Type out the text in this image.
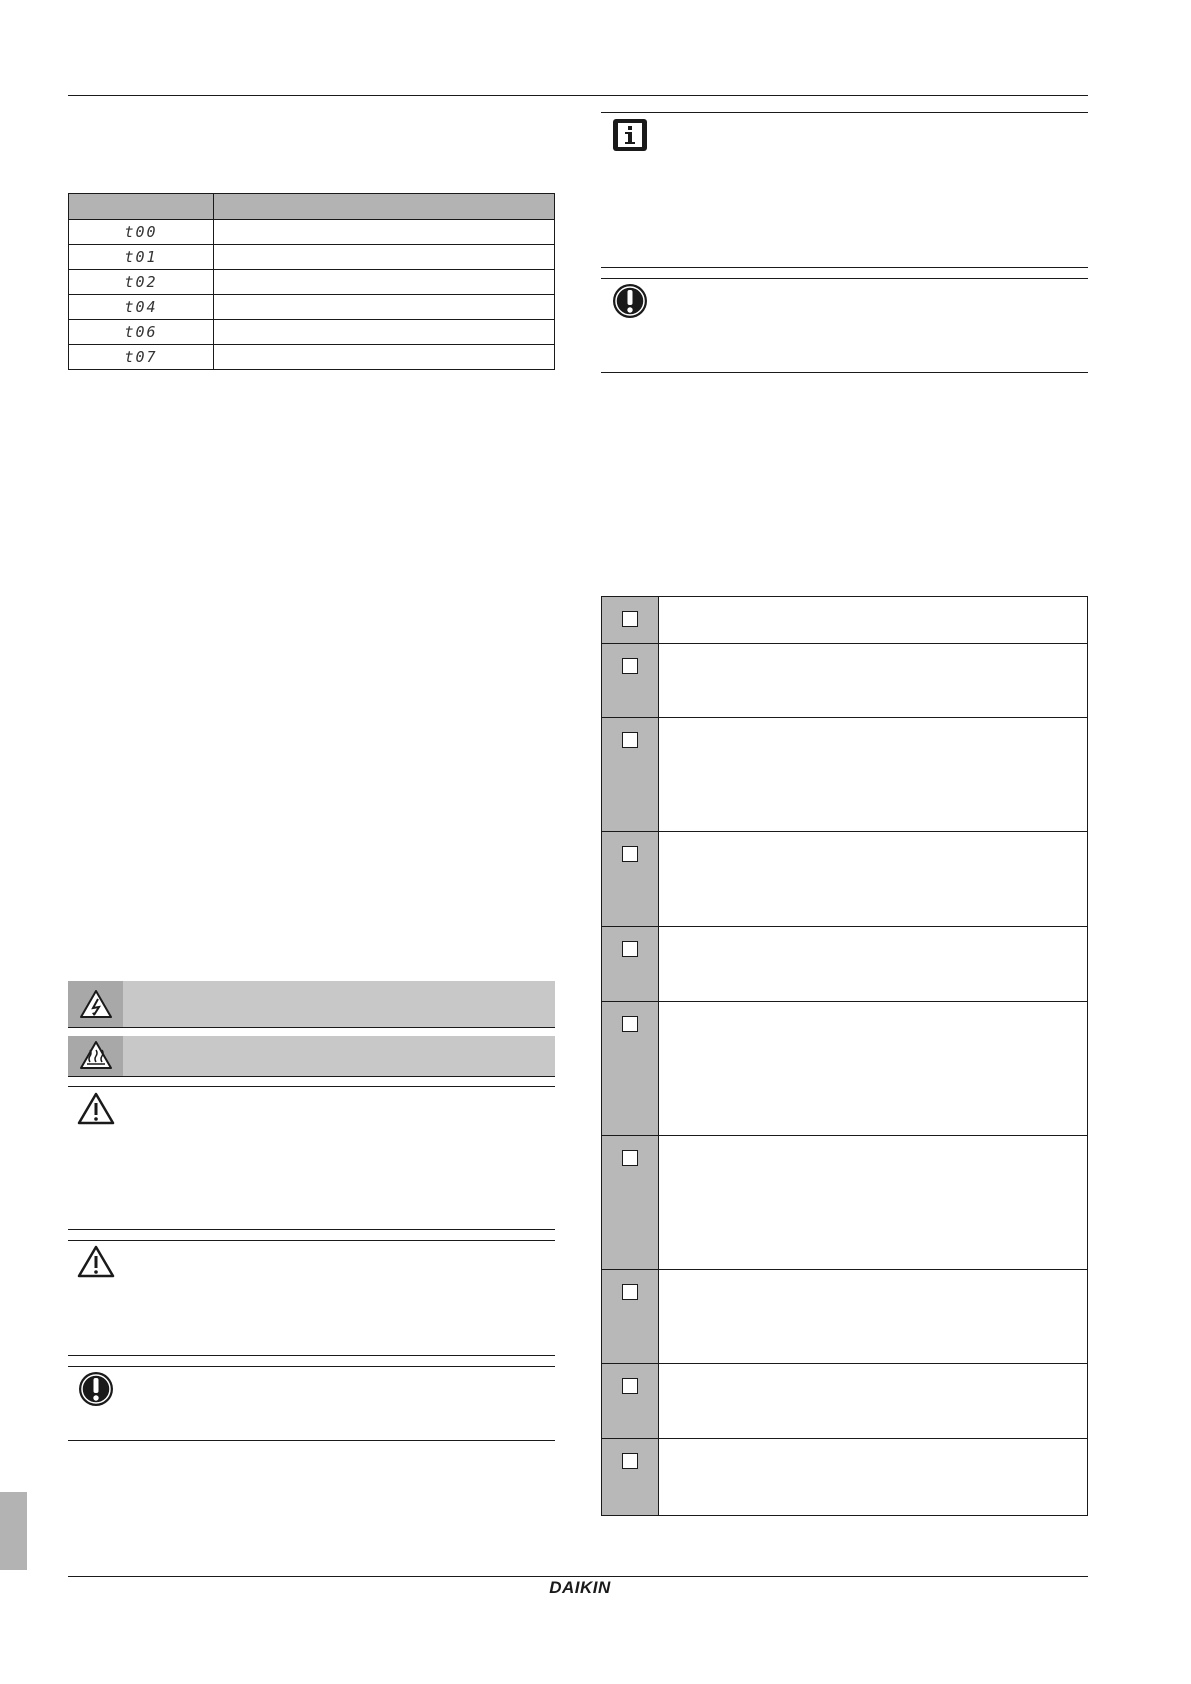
t00	
t01	
t02	
t04	
t06	
t07	
DAIKIN
